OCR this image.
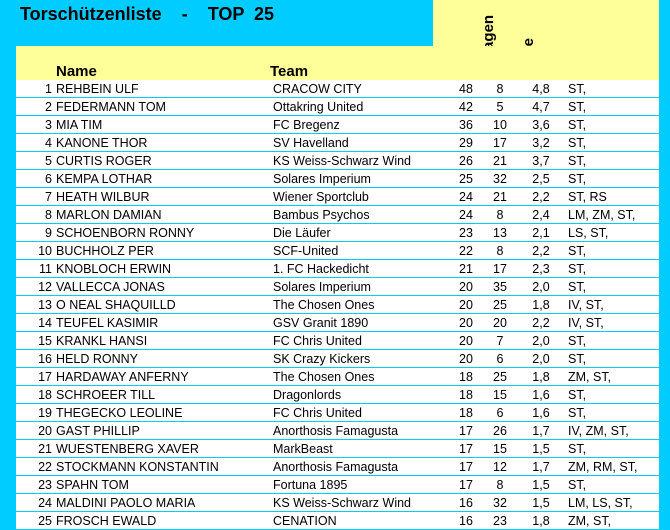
Torschützenliste    -    TOP  25
Name	Team
1	REHBEIN ULF	CRACOW CITY	48	8	4,8	ST,
2	FEDERMANN TOM	Ottakring United	42	5	4,7	ST,
3	MIA TIM	FC Bregenz	36	10	3,6	ST,
4	KANONE THOR	SV Havelland	29	17	3,2	ST,
5	CURTIS ROGER	KS Weiss-Schwarz Wind	26	21	3,7	ST,
6	KEMPA LOTHAR	Solares Imperium	25	32	2,5	ST,
7	HEATH WILBUR	Wiener Sportclub	24	21	2,2	ST, RS
8	MARLON DAMIAN	Bambus Psychos	24	8	2,4	LM, ZM, ST,
9	SCHOENBORN RONNY	Die Läufer	23	13	2,1	LS, ST,
10	BUCHHOLZ PER	SCF-United	22	8	2,2	ST,
11	KNOBLOCH ERWIN	1. FC Hackedicht	21	17	2,3	ST,
12	VALLECCA JONAS	Solares Imperium	20	35	2,0	ST,
13	O NEAL SHAQUILLD	The Chosen Ones	20	25	1,8	IV, ST,
14	TEUFEL KASIMIR	GSV Granit 1890	20	20	2,2	IV, ST,
15	KRANKL HANSI	FC Chris United	20	7	2,0	ST,
16	HELD RONNY	SK Crazy Kickers	20	6	2,0	ST,
17	HARDAWAY ANFERNY	The Chosen Ones	18	25	1,8	ZM, ST,
18	SCHROEER TILL	Dragonlords	18	15	1,6	ST,
19	THEGECKO LEOLINE	FC Chris United	18	6	1,6	ST,
20	GAST PHILLIP	Anorthosis Famagusta	17	26	1,7	IV, ZM, ST,
21	WUESTENBERG XAVER	MarkBeast	17	15	1,5	ST,
22	STOCKMANN KONSTANTIN	Anorthosis Famagusta	17	12	1,7	ZM, RM, ST,
23	SPAHN TOM	Fortuna 1895	17	8	1,5	ST,
24	MALDINI PAOLO MARIA	KS Weiss-Schwarz Wind	16	32	1,5	LM, LS, ST,
25	FROSCH EWALD	CENATION	16	23	1,8	ZM, ST,
